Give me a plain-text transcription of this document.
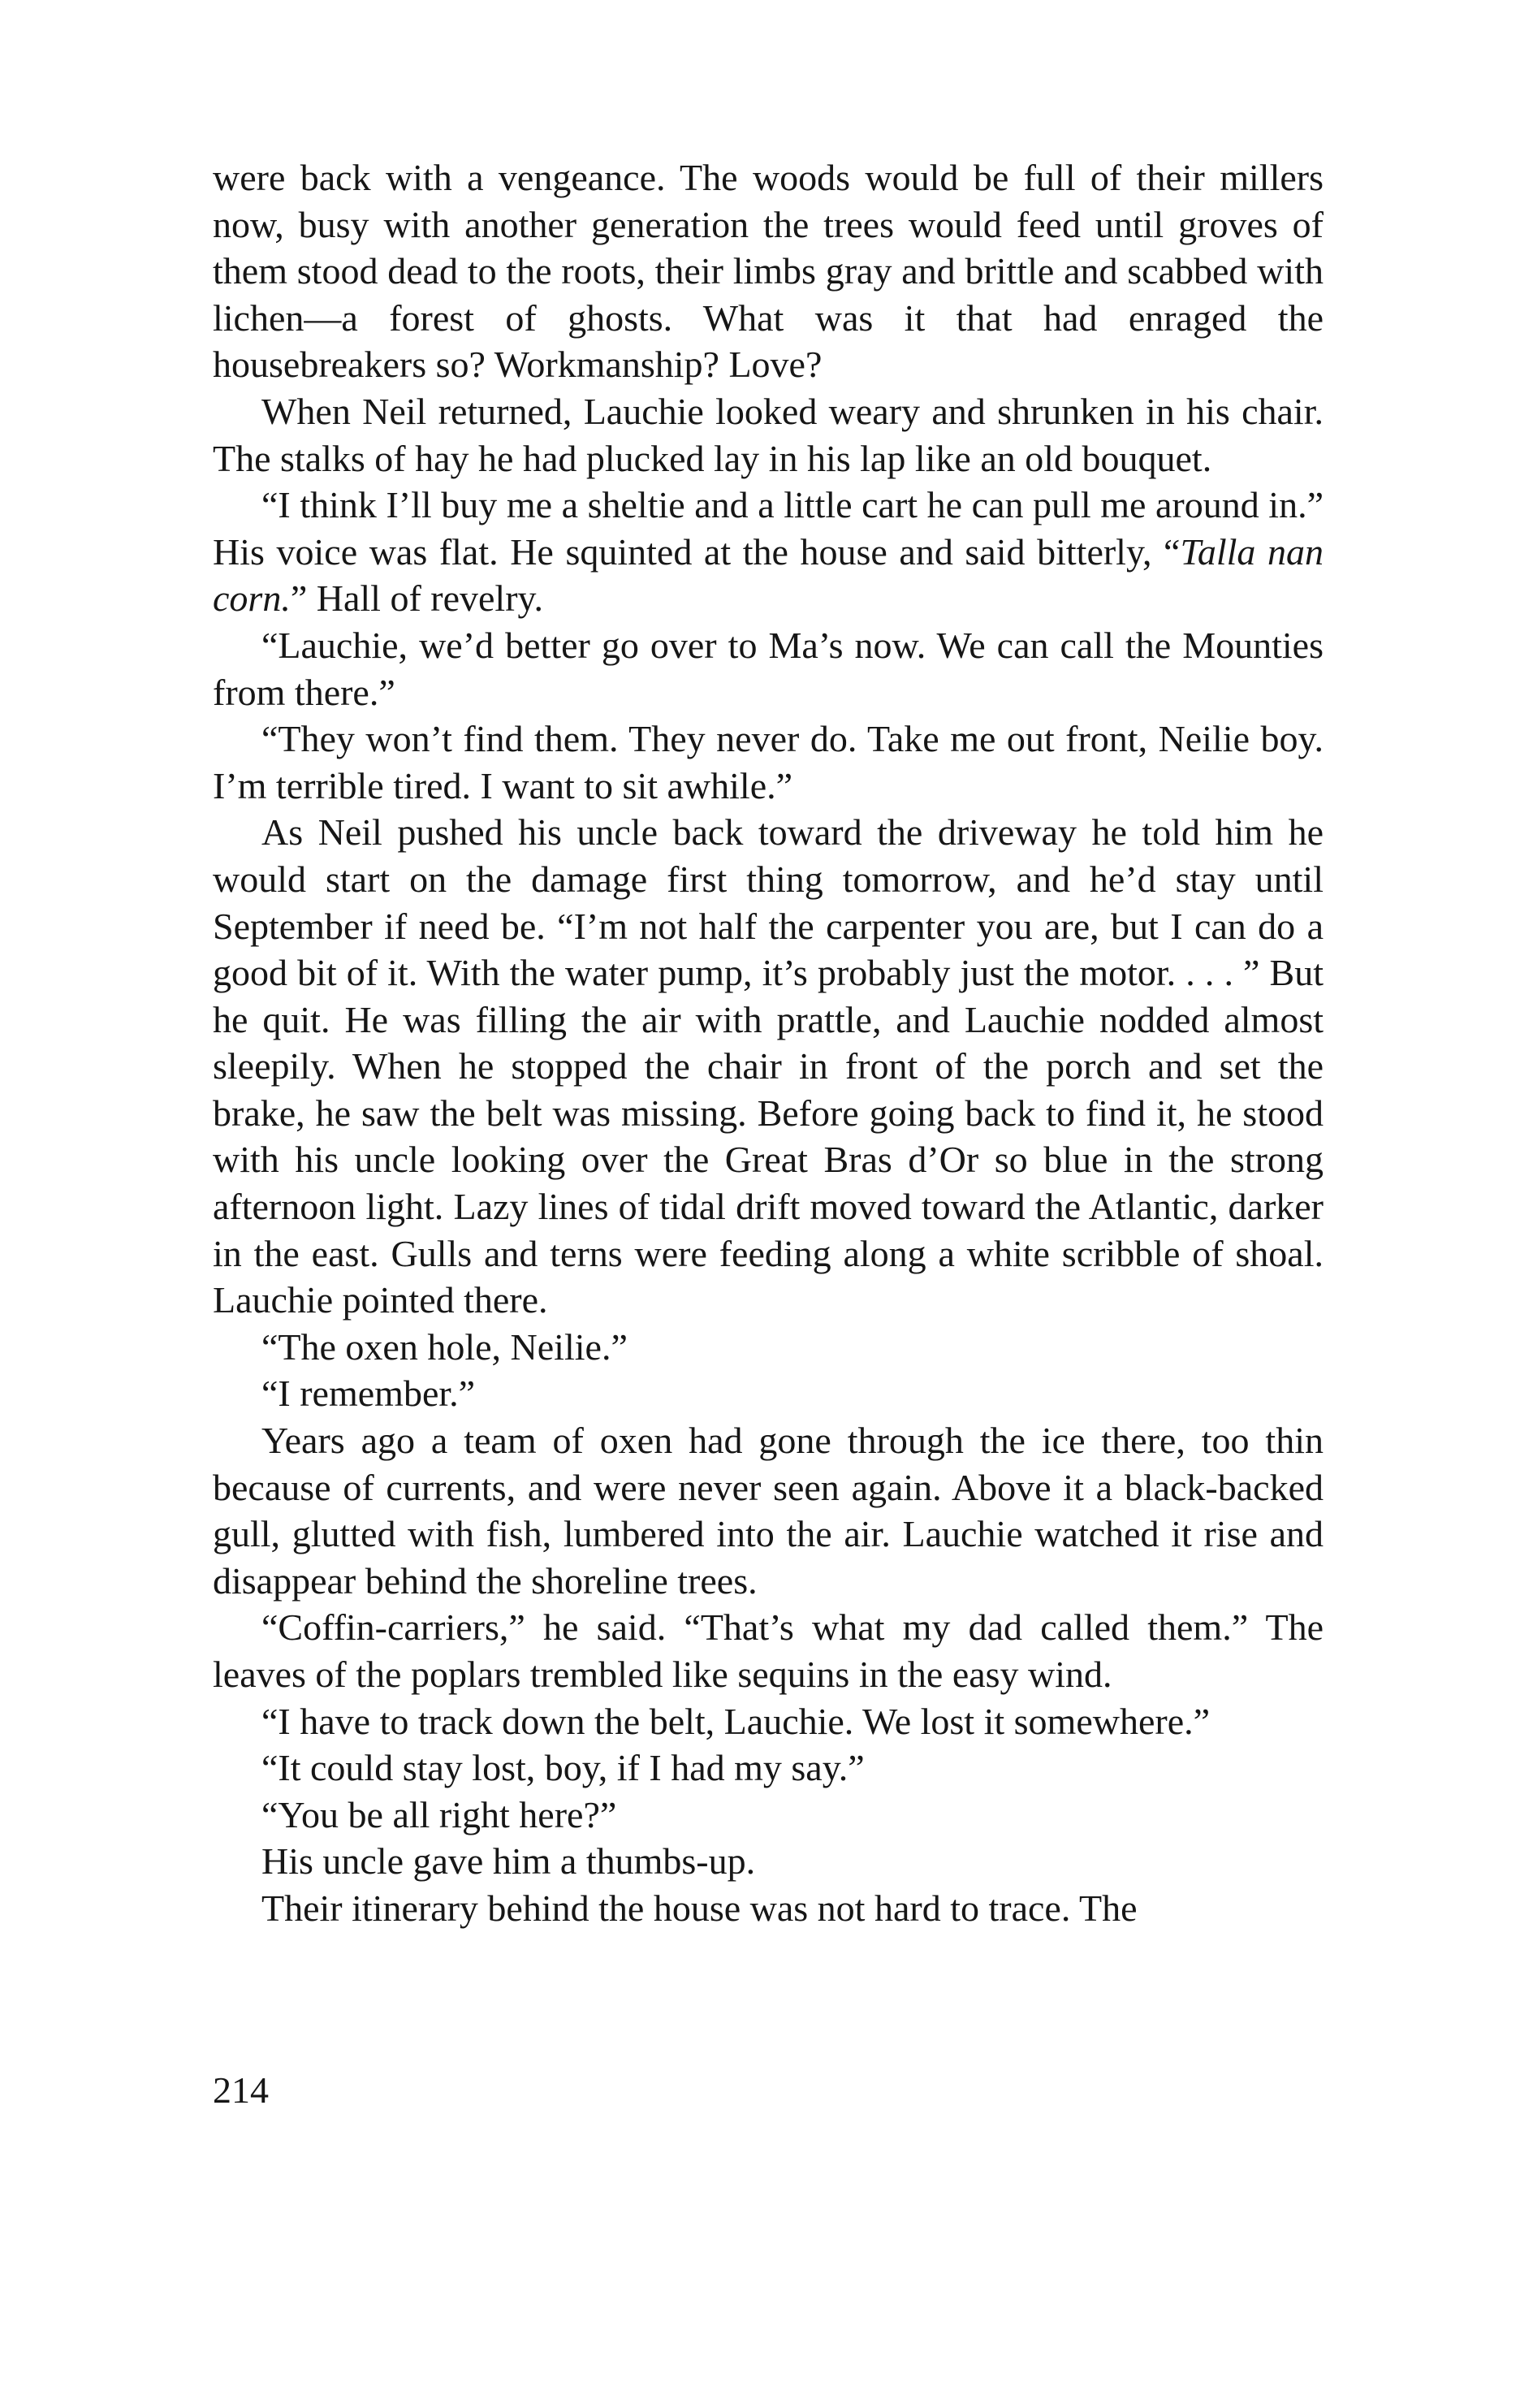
were back with a vengeance. The woods would be full of their millers now, busy with another generation the trees would feed until groves of them stood dead to the roots, their limbs gray and brittle and scabbed with lichen—a forest of ghosts. What was it that had enraged the housebreakers so? Workmanship? Love?

When Neil returned, Lauchie looked weary and shrunken in his chair. The stalks of hay he had plucked lay in his lap like an old bouquet.

“I think I’ll buy me a sheltie and a little cart he can pull me around in.” His voice was flat. He squinted at the house and said bitterly, “Talla nan corn.” Hall of revelry.

“Lauchie, we’d better go over to Ma’s now. We can call the Mounties from there.”

“They won’t find them. They never do. Take me out front, Neilie boy. I’m terrible tired. I want to sit awhile.”

As Neil pushed his uncle back toward the driveway he told him he would start on the damage first thing tomorrow, and he’d stay until September if need be. “I’m not half the carpenter you are, but I can do a good bit of it. With the water pump, it’s probably just the motor. . . . ” But he quit. He was filling the air with prattle, and Lauchie nodded almost sleepily. When he stopped the chair in front of the porch and set the brake, he saw the belt was missing. Before going back to find it, he stood with his uncle looking over the Great Bras d’Or so blue in the strong afternoon light. Lazy lines of tidal drift moved toward the Atlantic, darker in the east. Gulls and terns were feeding along a white scribble of shoal. Lauchie pointed there.

“The oxen hole, Neilie.”

“I remember.”

Years ago a team of oxen had gone through the ice there, too thin because of currents, and were never seen again. Above it a black-backed gull, glutted with fish, lumbered into the air. Lauchie watched it rise and disappear behind the shoreline trees.

“Coffin-carriers,” he said. “That’s what my dad called them.” The leaves of the poplars trembled like sequins in the easy wind.

“I have to track down the belt, Lauchie. We lost it somewhere.”

“It could stay lost, boy, if I had my say.”

“You be all right here?”

His uncle gave him a thumbs-up.

Their itinerary behind the house was not hard to trace. The

214
